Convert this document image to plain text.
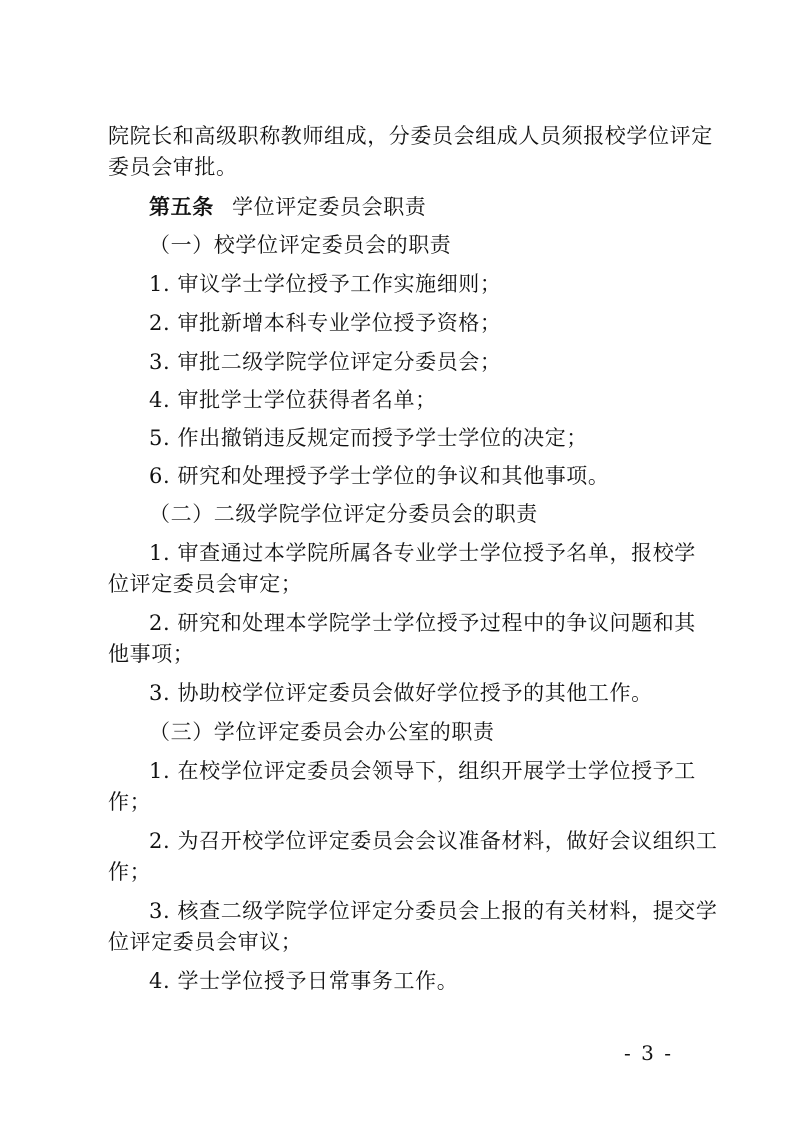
院院长和高级职称教师组成，分委员会组成人员须报校学位评定
委员会审批。
第五条 学位评定委员会职责
（一）校学位评定委员会的职责
1. 审议学士学位授予工作实施细则；
2. 审批新增本科专业学位授予资格；
3. 审批二级学院学位评定分委员会；
4. 审批学士学位获得者名单；
5. 作出撤销违反规定而授予学士学位的决定；
6. 研究和处理授予学士学位的争议和其他事项。
（二）二级学院学位评定分委员会的职责
1. 审查通过本学院所属各专业学士学位授予名单，报校学
位评定委员会审定；
2. 研究和处理本学院学士学位授予过程中的争议问题和其
他事项；
3. 协助校学位评定委员会做好学位授予的其他工作。
（三）学位评定委员会办公室的职责
1. 在校学位评定委员会领导下，组织开展学士学位授予工
作；
2. 为召开校学位评定委员会会议准备材料，做好会议组织工
作；
3. 核查二级学院学位评定分委员会上报的有关材料，提交学
位评定委员会审议；
4. 学士学位授予日常事务工作。
- 3 -
